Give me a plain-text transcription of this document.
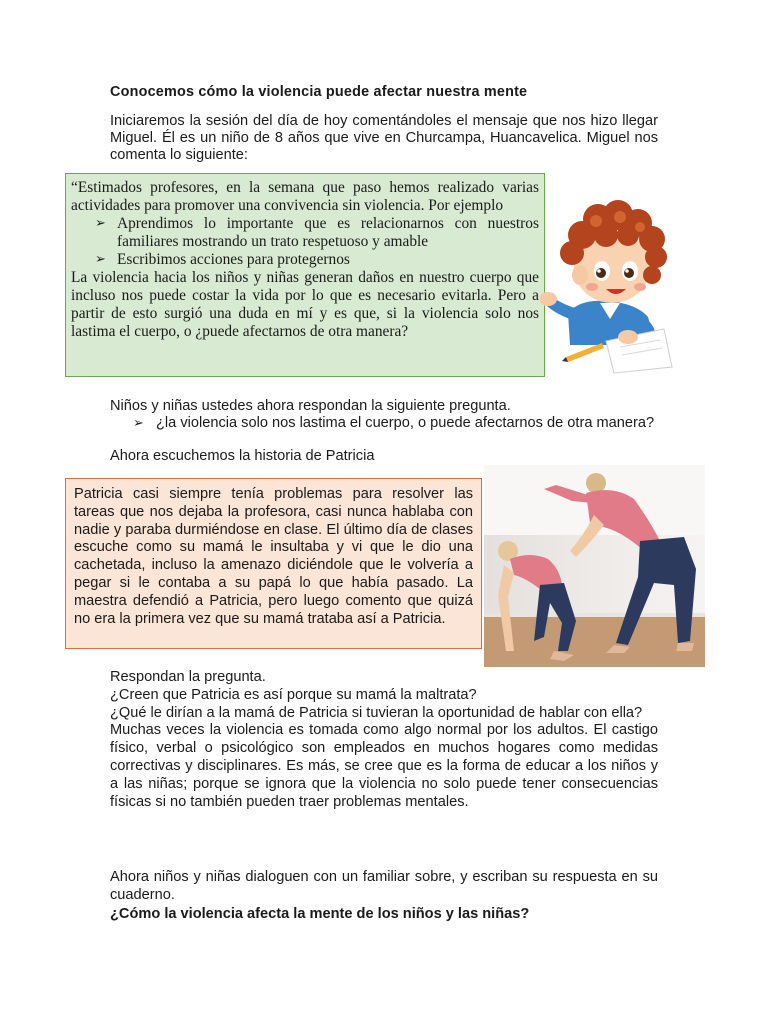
Conocemos cómo la violencia puede afectar nuestra mente
Iniciaremos la sesión del día de hoy comentándoles el mensaje que nos hizo llegar Miguel. Él es un niño de 8 años que vive en Churcampa, Huancavelica. Miguel nos comenta lo siguiente:
“Estimados profesores, en la semana que paso hemos realizado varias actividades para promover una convivencia sin violencia. Por ejemplo
➢ Aprendimos lo importante que es relacionarnos con nuestros familiares mostrando un trato respetuoso y amable
➢ Escribimos acciones para protegernos
La violencia hacia los niños y niñas generan daños en nuestro cuerpo que incluso nos puede costar la vida por lo que es necesario evitarla. Pero a partir de esto surgió una duda en mí y es que, si la violencia solo nos lastima el cuerpo, o ¿puede afectarnos de otra manera?
Niños y niñas ustedes ahora respondan la siguiente pregunta.
➢ ¿la violencia solo nos lastima el cuerpo, o puede afectarnos de otra manera?
Ahora escuchemos la historia de Patricia
Patricia casi siempre tenía problemas para resolver las tareas que nos dejaba la profesora, casi nunca hablaba con nadie y paraba durmiéndose en clase. El último día de clases escuche como su mamá le insultaba y vi que le dio una cachetada, incluso la amenazo diciéndole que le volvería a pegar si le contaba a su papá lo que había pasado. La maestra defendió a Patricia, pero luego comento que quizá no era la primera vez que su mamá trataba así a Patricia.

Respondan la pregunta.

¿Creen que Patricia es así porque su mamá la maltrata?

¿Qué le dirían a la mamá de Patricia si tuvieran la oportunidad de hablar con ella?

Muchas veces la violencia es tomada como algo normal por los adultos. El castigo físico, verbal o psicológico son empleados en muchos hogares como medidas correctivas y disciplinares. Es más, se cree que es la forma de educar a los niños y a las niñas; porque se ignora que la violencia no solo puede tener consecuencias físicas si no también pueden traer problemas mentales.

Ahora niños y niñas dialoguen con un familiar sobre, y escriban su respuesta en su cuaderno.
¿Cómo la violencia afecta la mente de los niños y las niñas?
